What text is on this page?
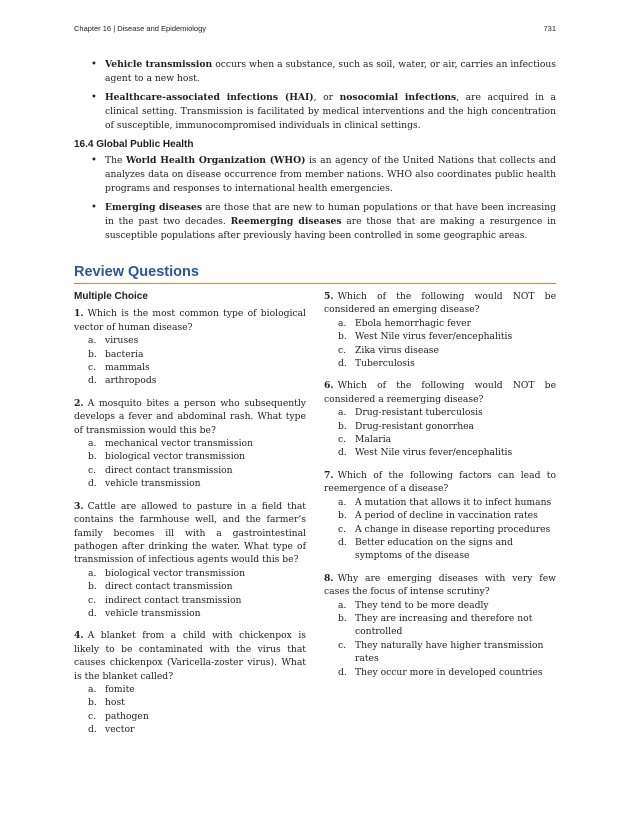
Chapter 16 | Disease and Epidemiology	731
• Vehicle transmission occurs when a substance, such as soil, water, or air, carries an infectious agent to a new host.
• Healthcare-associated infections (HAI), or nosocomial infections, are acquired in a clinical setting. Transmission is facilitated by medical interventions and the high concentration of susceptible, immunocompromised individuals in clinical settings.
16.4 Global Public Health
• The World Health Organization (WHO) is an agency of the United Nations that collects and analyzes data on disease occurrence from member nations. WHO also coordinates public health programs and responses to international health emergencies.
• Emerging diseases are those that are new to human populations or that have been increasing in the past two decades. Reemerging diseases are those that are making a resurgence in susceptible populations after previously having been controlled in some geographic areas.
Review Questions
Multiple Choice
1. Which is the most common type of biological vector of human disease?
a. viruses
b. bacteria
c. mammals
d. arthropods
2. A mosquito bites a person who subsequently develops a fever and abdominal rash. What type of transmission would this be?
a. mechanical vector transmission
b. biological vector transmission
c. direct contact transmission
d. vehicle transmission
3. Cattle are allowed to pasture in a field that contains the farmhouse well, and the farmer’s family becomes ill with a gastrointestinal pathogen after drinking the water. What type of transmission of infectious agents would this be?
a. biological vector transmission
b. direct contact transmission
c. indirect contact transmission
d. vehicle transmission
4. A blanket from a child with chickenpox is likely to be contaminated with the virus that causes chickenpox (Varicella-zoster virus). What is the blanket called?
a. fomite
b. host
c. pathogen
d. vector
5. Which of the following would NOT be considered an emerging disease?
a. Ebola hemorrhagic fever
b. West Nile virus fever/encephalitis
c. Zika virus disease
d. Tuberculosis
6. Which of the following would NOT be considered a reemerging disease?
a. Drug-resistant tuberculosis
b. Drug-resistant gonorrhea
c. Malaria
d. West Nile virus fever/encephalitis
7. Which of the following factors can lead to reemergence of a disease?
a. A mutation that allows it to infect humans
b. A period of decline in vaccination rates
c. A change in disease reporting procedures
d. Better education on the signs and symptoms of the disease
8. Why are emerging diseases with very few cases the focus of intense scrutiny?
a. They tend to be more deadly
b. They are increasing and therefore not controlled
c. They naturally have higher transmission rates
d. They occur more in developed countries
